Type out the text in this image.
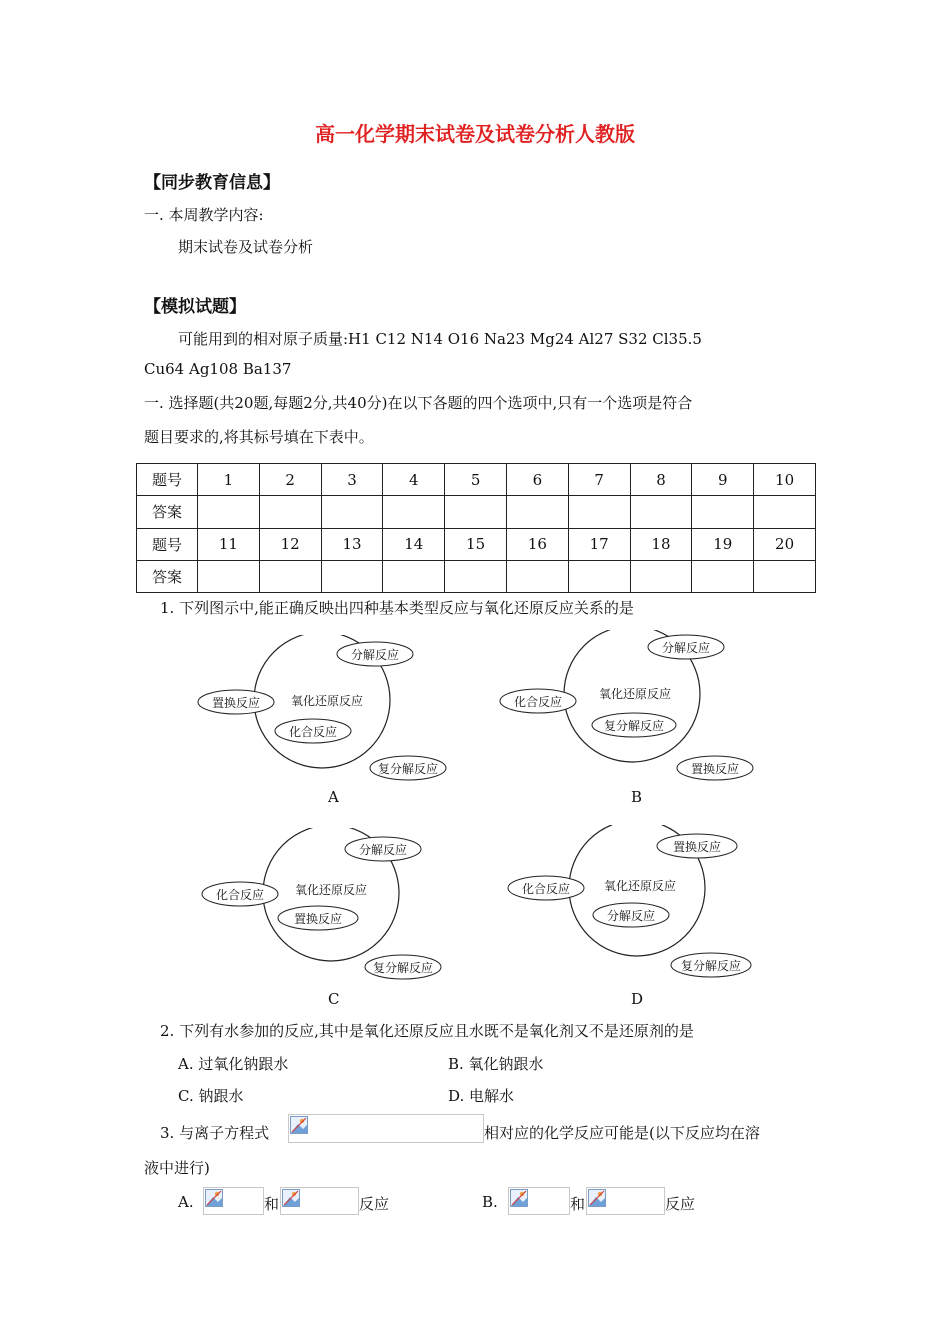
高一化学期末试卷及试卷分析人教版
【同步教育信息】
一. 本周教学内容:
期末试卷及试卷分析
【模拟试题】
可能用到的相对原子质量:H1 C12 N14 O16 Na23 Mg24 Al27 S32 Cl35.5
Cu64 Ag108 Ba137
一. 选择题(共20题,每题2分,共40分)在以下各题的四个选项中,只有一个选项是符合
题目要求的,将其标号填在下表中。
题号	1	2	3	4	5	6	7	8	9	10
答案										
题号	11	12	13	14	15	16	17	18	19	20
答案										
1. 下列图示中,能正确反映出四种基本类型反应与氧化还原反应关系的是
分解反应
置换反应	氧化还原反应
化合反应
复分解反应
A
分解反应
化合反应
氧化还原反应
复分解反应
置换反应
B
分解反应
化合反应	氧化还原反应
置换反应
复分解反应
C
置换反应
化合反应	氧化还原反应
分解反应
复分解反应
D
2. 下列有水参加的反应,其中是氧化还原反应且水既不是氧化剂又不是还原剂的是
A. 过氧化钠跟水	B. 氧化钠跟水
C. 钠跟水	D. 电解水
3. 与离子方程式	相对应的化学反应可能是(以下反应均在溶
液中进行)
A.	和	反应	B.	和	反应
